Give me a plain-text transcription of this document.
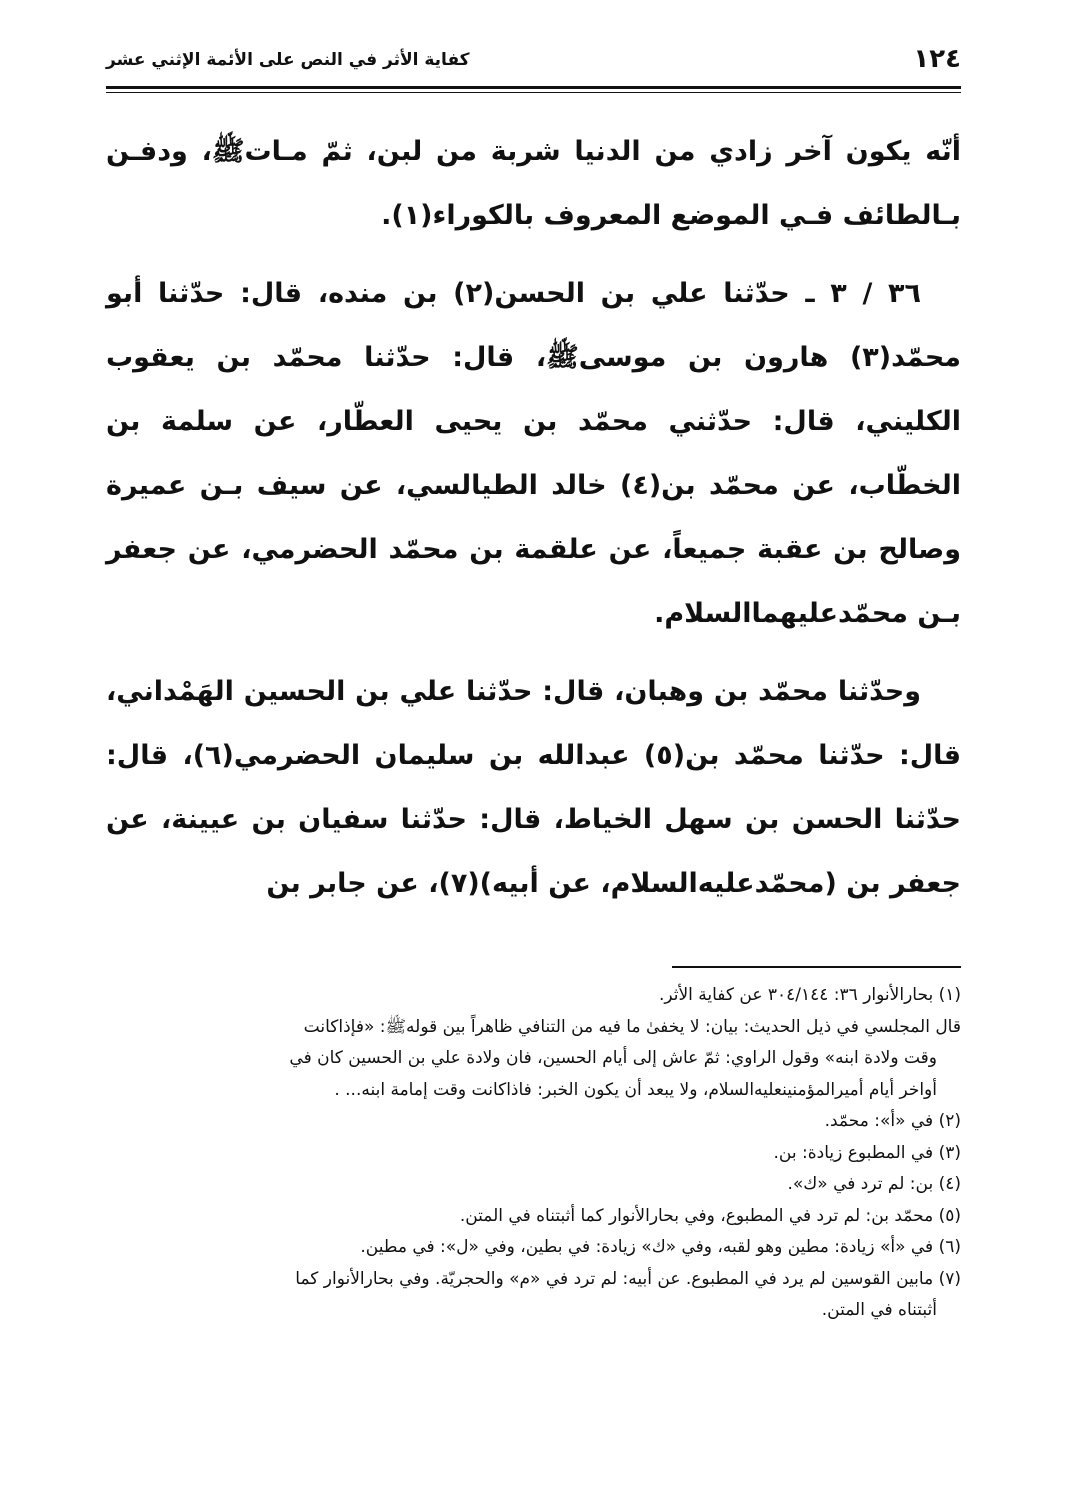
١٢٤
كفاية الأثر في النص على الأئمة الإثني عشر

أنّه يكون آخر زادي من الدنيا شربة من لبن، ثمّ مـاتﷺ، ودفـن بـالطائف فـي الموضع المعروف بالكوراء(١).

٣٦ / ٣ ـ حدّثنا علي بن الحسن(٢) بن منده، قال: حدّثنا أبو محمّد(٣) هارون بن موسى‏ﷺ، قال: حدّثنا محمّد بن يعقوب الكليني، قال: حدّثني محمّد بن يحيى العطّار، عن سلمة بن الخطّاب، عن محمّد بن(٤) خالد الطيالسي، عن سيف بـن عميرة وصالح بن عقبة جميعاً، عن علقمة بن محمّد الحضرمي، عن جعفر بـن محمّدعليهما‌السلام.

وحدّثنا محمّد بن وهبان، قال: حدّثنا علي بن الحسين الهَمْداني، قال: حدّثنا محمّد بن(٥) عبدالله بن سليمان الحضرمي(٦)، قال: حدّثنا الحسن بن سهل الخياط، قال: حدّثنا سفيان بن عيينة، عن جعفر بن (محمّدعليه‌السلام، عن أبيه)(٧)، عن جابر بن

(١) بحارالأنوار ٣٦: ٣٠٤/١٤٤ عن كفاية الأثر.

قال المجلسي في ذيل الحديث: بيان: لا يخفىٰ ما فيه من التنافي ظاهراً بين قولهﷺ: «فإذاكانت

وقت ولادة ابنه» وقول الراوي: ثمّ عاش إلى أيام الحسين، فان ولادة علي بن الحسين كان في

أواخر أيام أميرالمؤمنينعليه‌السلام، ولا يبعد أن يكون الخبر: فاذاكانت وقت إمامة ابنه... .

(٢) في «أ»: محمّد.

(٣) في المطبوع زيادة: بن.

(٤) بن: لم ترد في «ك».

(٥) محمّد بن: لم ترد في المطبوع، وفي بحارالأنوار كما أثبتناه في المتن.

(٦) في «أ» زيادة: مطين وهو لقبه، وفي «ك» زيادة: في بطين، وفي «ل»: في مطين.

(٧) مابين القوسين لم يرد في المطبوع. عن أبيه: لم ترد في «م» والحجريّة. وفي بحارالأنوار كما

أثبتناه في المتن.
